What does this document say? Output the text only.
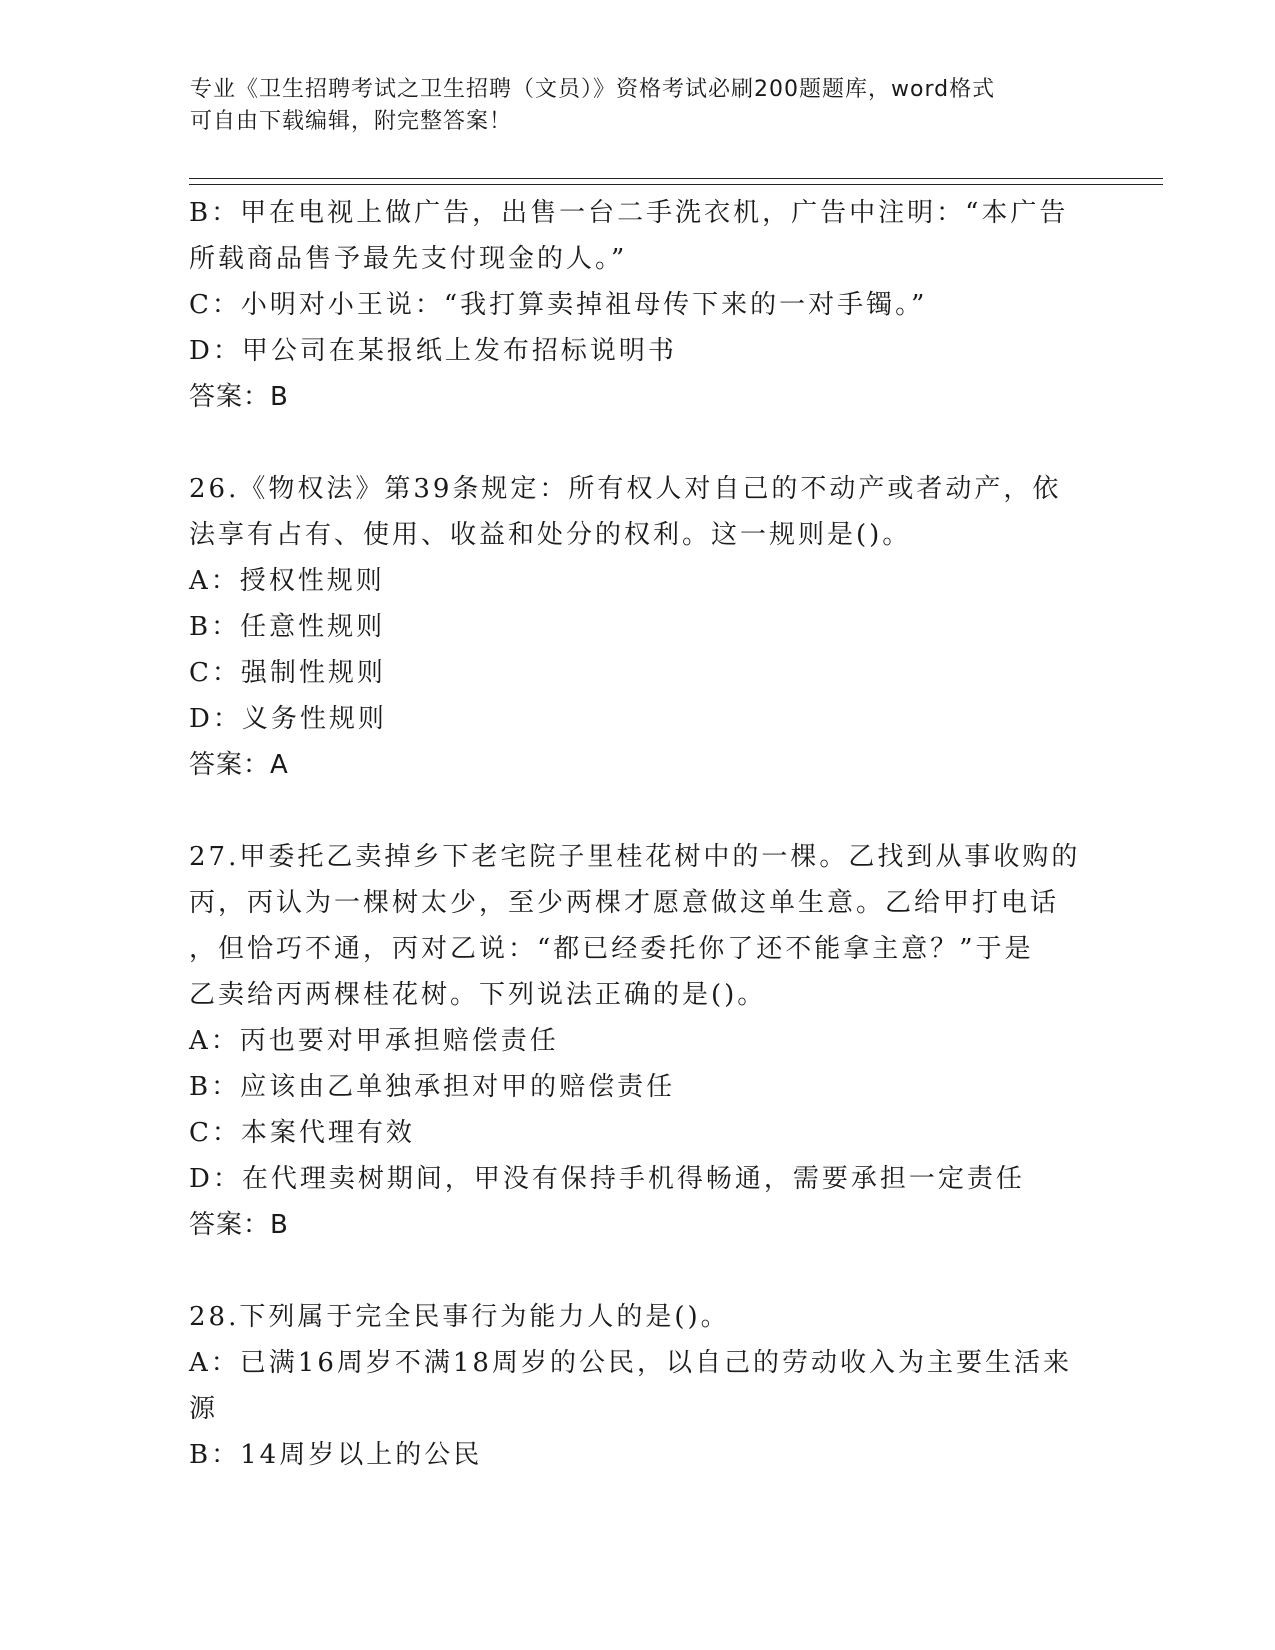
专业《卫生招聘考试之卫生招聘（文员）》资格考试必刷200题题库，word格式
可自由下载编辑，附完整答案！
B：甲在电视上做广告，出售一台二手洗衣机，广告中注明：“本广告
所载商品售予最先支付现金的人。”
C：小明对小王说：“我打算卖掉祖母传下来的一对手镯。”
D：甲公司在某报纸上发布招标说明书
答案：B
26.《物权法》第39条规定：所有权人对自己的不动产或者动产，依
法享有占有、使用、收益和处分的权利。这一规则是()。
A：授权性规则
B：任意性规则
C：强制性规则
D：义务性规则
答案：A
27.甲委托乙卖掉乡下老宅院子里桂花树中的一棵。乙找到从事收购的
丙，丙认为一棵树太少，至少两棵才愿意做这单生意。乙给甲打电话
，但恰巧不通，丙对乙说：“都已经委托你了还不能拿主意？”于是
乙卖给丙两棵桂花树。下列说法正确的是()。
A：丙也要对甲承担赔偿责任
B：应该由乙单独承担对甲的赔偿责任
C：本案代理有效
D：在代理卖树期间，甲没有保持手机得畅通，需要承担一定责任
答案：B
28.下列属于完全民事行为能力人的是()。
A：已满16周岁不满18周岁的公民，以自己的劳动收入为主要生活来
源
B：14周岁以上的公民
